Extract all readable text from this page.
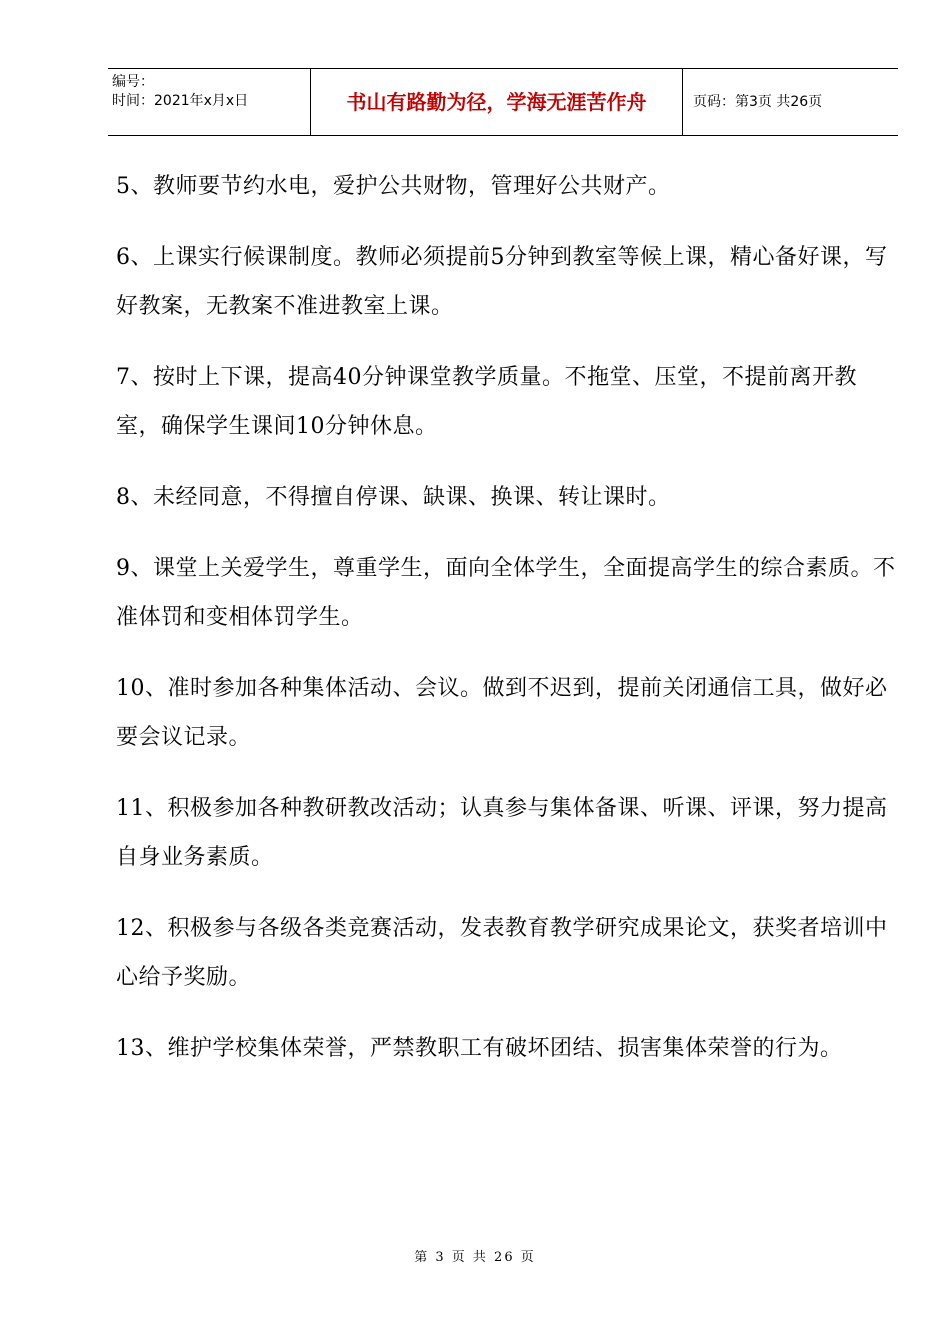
编号：
时间：2021年x月x日	书山有路勤为径，学海无涯苦作舟	页码：第3页 共26页

5、教师要节约水电，爱护公共财物，管理好公共财产。

6、上课实行候课制度。教师必须提前5分钟到教室等候上课，精心备好课，写好教案，无教案不准进教室上课。

7、按时上下课，提高40分钟课堂教学质量。不拖堂、压堂，不提前离开教室，确保学生课间10分钟休息。

8、未经同意，不得擅自停课、缺课、换课、转让课时。

9、课堂上关爱学生，尊重学生，面向全体学生，全面提高学生的综合素质。不准体罚和变相体罚学生。

10、准时参加各种集体活动、会议。做到不迟到，提前关闭通信工具，做好必要会议记录。

11、积极参加各种教研教改活动；认真参与集体备课、听课、评课，努力提高自身业务素质。

12、积极参与各级各类竞赛活动，发表教育教学研究成果论文，获奖者培训中心给予奖励。

13、维护学校集体荣誉，严禁教职工有破坏团结、损害集体荣誉的行为。

第 3 页 共 26 页
